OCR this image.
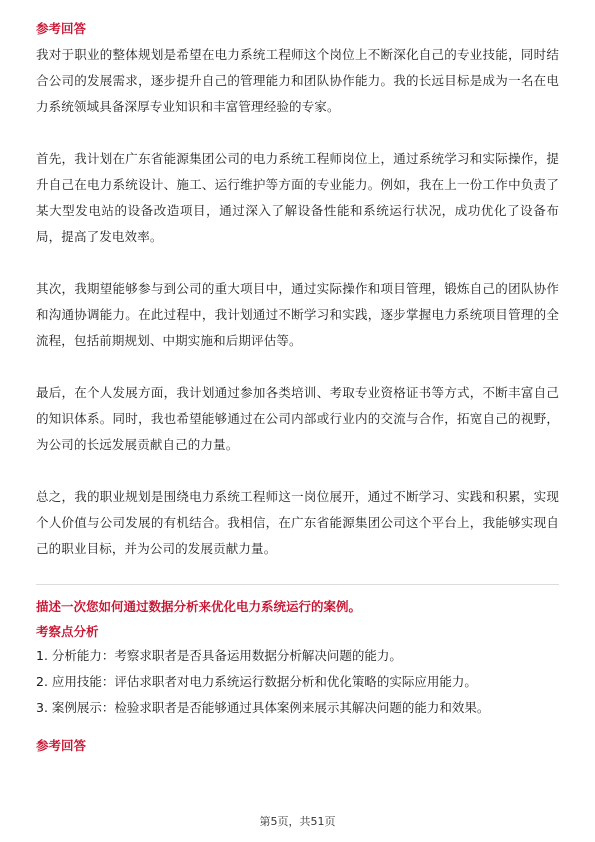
参考回答

我对于职业的整体规划是希望在电力系统工程师这个岗位上不断深化自己的专业技能，同时结合公司的发展需求，逐步提升自己的管理能力和团队协作能力。我的长远目标是成为一名在电力系统领域具备深厚专业知识和丰富管理经验的专家。

首先，我计划在广东省能源集团公司的电力系统工程师岗位上，通过系统学习和实际操作，提升自己在电力系统设计、施工、运行维护等方面的专业能力。例如，我在上一份工作中负责了某大型发电站的设备改造项目，通过深入了解设备性能和系统运行状况，成功优化了设备布局，提高了发电效率。

其次，我期望能够参与到公司的重大项目中，通过实际操作和项目管理，锻炼自己的团队协作和沟通协调能力。在此过程中，我计划通过不断学习和实践，逐步掌握电力系统项目管理的全流程，包括前期规划、中期实施和后期评估等。

最后，在个人发展方面，我计划通过参加各类培训、考取专业资格证书等方式，不断丰富自己的知识体系。同时，我也希望能够通过在公司内部或行业内的交流与合作，拓宽自己的视野，为公司的长远发展贡献自己的力量。

总之，我的职业规划是围绕电力系统工程师这一岗位展开，通过不断学习、实践和积累，实现个人价值与公司发展的有机结合。我相信，在广东省能源集团公司这个平台上，我能够实现自己的职业目标，并为公司的发展贡献力量。

描述一次您如何通过数据分析来优化电力系统运行的案例。

考察点分析

1. 分析能力：考察求职者是否具备运用数据分析解决问题的能力。
2. 应用技能：评估求职者对电力系统运行数据分析和优化策略的实际应用能力。
3. 案例展示：检验求职者是否能够通过具体案例来展示其解决问题的能力和效果。

参考回答

第5页，共51页
